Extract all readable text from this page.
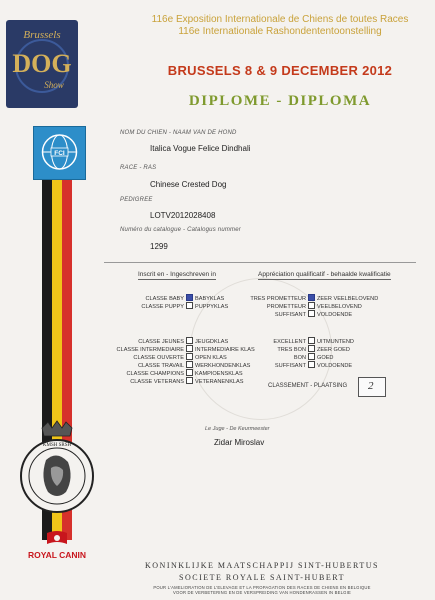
Brussels
DOG
Show
116e Exposition Internationale de Chiens de toutes Races
116e Internationale Rashondententoonstelling
BRUSSELS 8 & 9 DECEMBER 2012
DIPLOME - DIPLOMA
FCI
KMSH SRSH
ROYAL CANIN
NOM DU CHIEN - NAAM VAN DE HOND
Italica Vogue Felice Dindhali
RACE - RAS
Chinese Crested Dog
PEDIGREE
LOTV2012028408
Numéro du catalogue - Catalogus nummer
1299
Inscrit en - Ingeschreven in	Appréciation qualificatif - behaalde kwalificatie
CLASSE BABY BABYKLAS
CLASSE PUPPY PUPPYKLAS
CLASSE JEUNES JEUGDKLAS
CLASSE INTERMEDIAIRE INTERMEDIAIRE KLAS
CLASSE OUVERTE OPEN KLAS
CLASSE TRAVAIL WERKHONDENKLAS
CLASSE CHAMPIONS KAMPIOENSKLAS
CLASSE VETERANS VETERANENKLAS
TRES PROMETTEUR ZEER VEELBELOVEND
PROMETTEUR VEELBELOVEND
SUFFISANT VOLDOENDE
EXCELLENT UITMUNTEND
TRES BON ZEER GOED
BON GOED
SUFFISANT VOLDOENDE
CLASSEMENT - PLAATSING 2
Le Juge - De Keurmeester
Zidar Miroslav
KONINKLIJKE MAATSCHAPPIJ SINT-HUBERTUS
SOCIETE ROYALE SAINT-HUBERT
POUR L'AMELIORATION DE L'ELEVAGE ET LA PROPAGATION DES RACES DE CHIENS EN BELGIQUE
VOOR DE VERBETERING EN DE VERSPREIDING VAN HONDENRASSEN IN BELGIE
